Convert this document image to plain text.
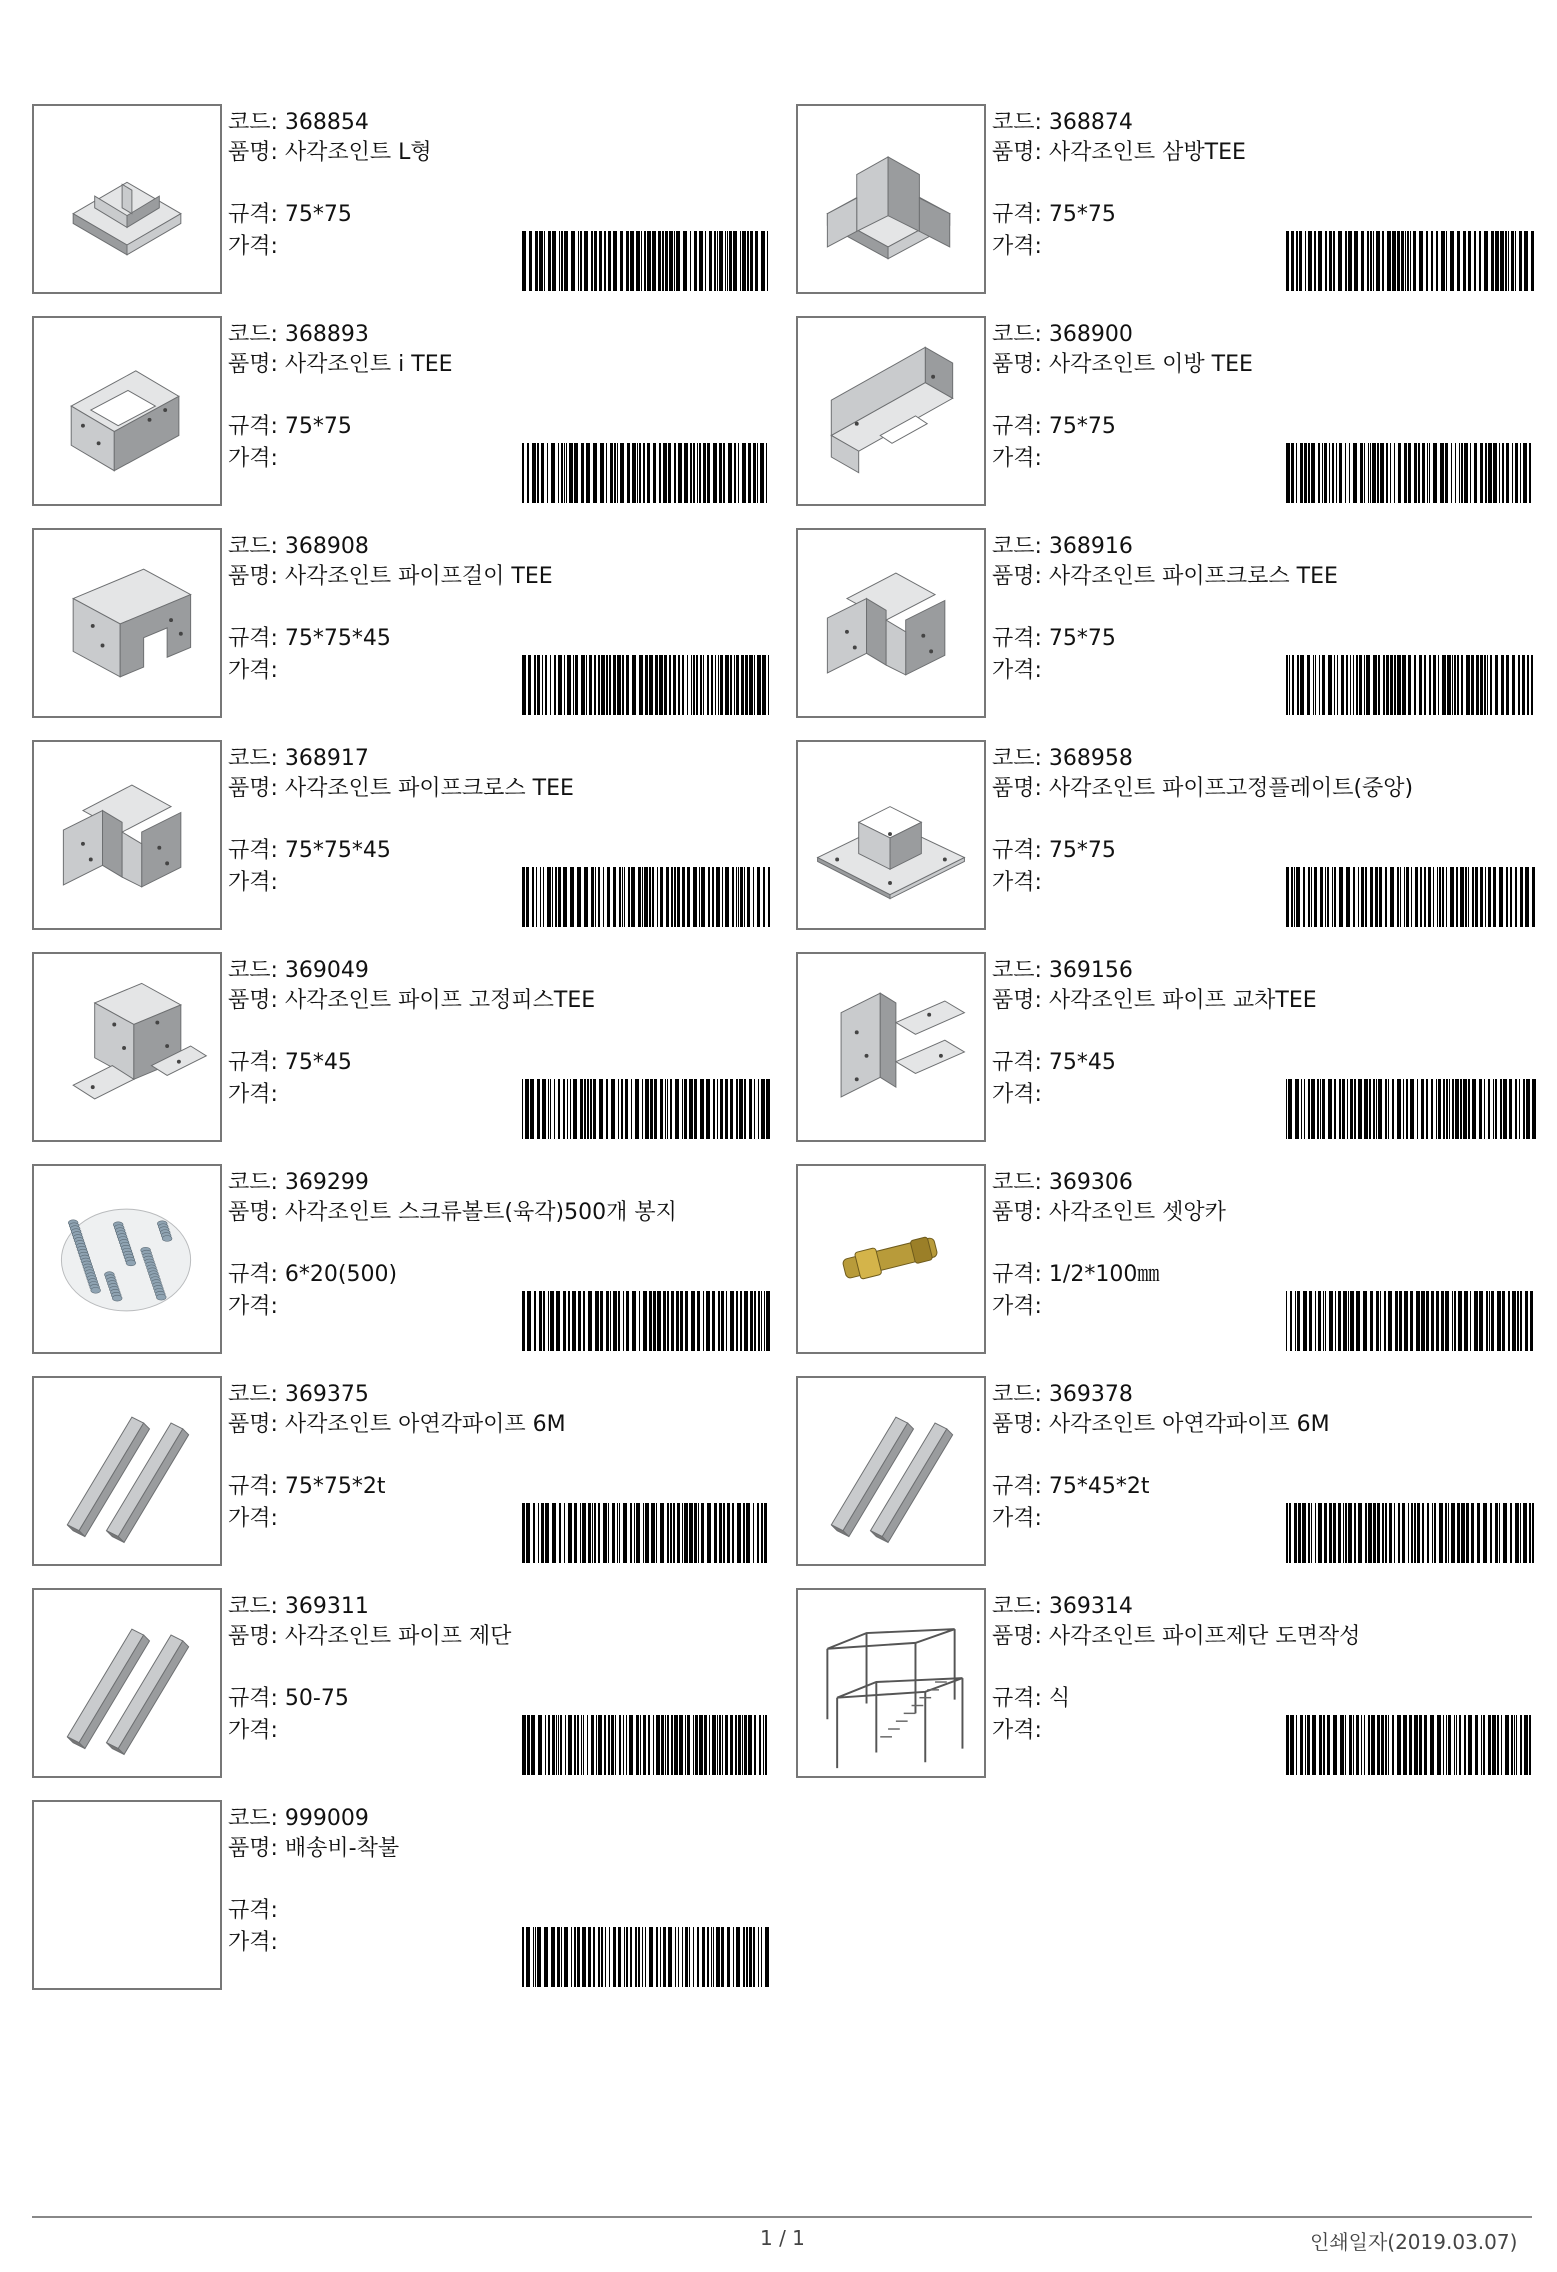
코드: 368854
품명: 사각조인트 L형
규격: 75*75
가격:
코드: 368874
품명: 사각조인트 삼방TEE
규격: 75*75
가격:
코드: 368893
품명: 사각조인트 i TEE
규격: 75*75
가격:
코드: 368900
품명: 사각조인트 이방 TEE
규격: 75*75
가격:
코드: 368908
품명: 사각조인트 파이프걸이 TEE
규격: 75*75*45
가격:
코드: 368916
품명: 사각조인트 파이프크로스 TEE
규격: 75*75
가격:
코드: 368917
품명: 사각조인트 파이프크로스 TEE
규격: 75*75*45
가격:
코드: 368958
품명: 사각조인트 파이프고정플레이트(중앙)
규격: 75*75
가격:
코드: 369049
품명: 사각조인트 파이프 고정피스TEE
규격: 75*45
가격:
코드: 369156
품명: 사각조인트 파이프 교차TEE
규격: 75*45
가격:
코드: 369299
품명: 사각조인트 스크류볼트(육각)500개 봉지
규격: 6*20(500)
가격:
코드: 369306
품명: 사각조인트 셋앙카
규격: 1/2*100㎜
가격:
코드: 369375
품명: 사각조인트 아연각파이프 6M
규격: 75*75*2t
가격:
코드: 369378
품명: 사각조인트 아연각파이프 6M
규격: 75*45*2t
가격:
코드: 369311
품명: 사각조인트 파이프 제단
규격: 50-75
가격:
코드: 369314
품명: 사각조인트 파이프제단 도면작성
규격: 식
가격:
코드: 999009
품명: 배송비-착불
규격:
가격:
1 / 1	인쇄일자(2019.03.07)
